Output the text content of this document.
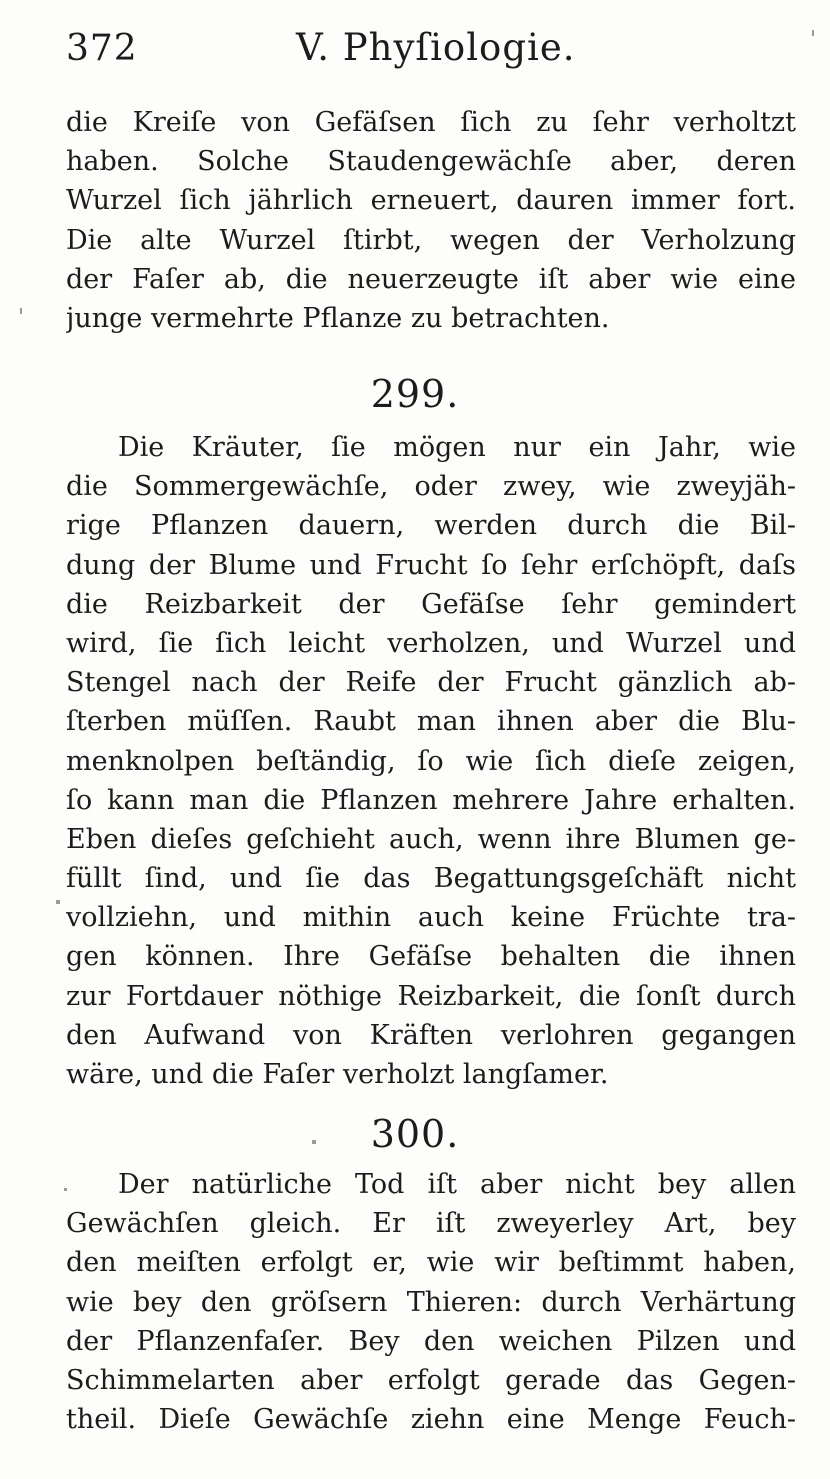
372	V. Phyſiologie.
die Kreiſe von Gefäſsen ſich zu ſehr verholtzt
haben. Solche Staudengewächſe aber, deren
Wurzel ſich jährlich erneuert, dauren immer fort.
Die alte Wurzel ſtirbt, wegen der Verholzung
der Faſer ab, die neuerzeugte iſt aber wie eine
junge vermehrte Pflanze zu betrachten.
299.
Die Kräuter, ſie mögen nur ein Jahr, wie
die Sommergewächſe, oder zwey, wie zweyjäh-
rige Pflanzen dauern, werden durch die Bil-
dung der Blume und Frucht ſo ſehr erſchöpft, daſs
die Reizbarkeit der Gefäſse ſehr gemindert
wird, ſie ſich leicht verholzen, und Wurzel und
Stengel nach der Reife der Frucht gänzlich ab-
ſterben müſſen. Raubt man ihnen aber die Blu-
menknolpen beſtändig, ſo wie ſich dieſe zeigen,
ſo kann man die Pflanzen mehrere Jahre erhalten.
Eben dieſes geſchieht auch, wenn ihre Blumen ge-
füllt ſind, und ſie das Begattungsgeſchäft nicht
vollziehn, und mithin auch keine Früchte tra-
gen können. Ihre Gefäſse behalten die ihnen
zur Fortdauer nöthige Reizbarkeit, die ſonſt durch
den Aufwand von Kräften verlohren gegangen
wäre, und die Faſer verholzt langſamer.
300.
Der natürliche Tod iſt aber nicht bey allen
Gewächſen gleich. Er iſt zweyerley Art, bey
den meiſten erfolgt er, wie wir beſtimmt haben,
wie bey den gröſsern Thieren: durch Verhärtung
der Pflanzenfaſer. Bey den weichen Pilzen und
Schimmelarten aber erfolgt gerade das Gegen-
theil. Dieſe Gewächſe ziehn eine Menge Feuch-
